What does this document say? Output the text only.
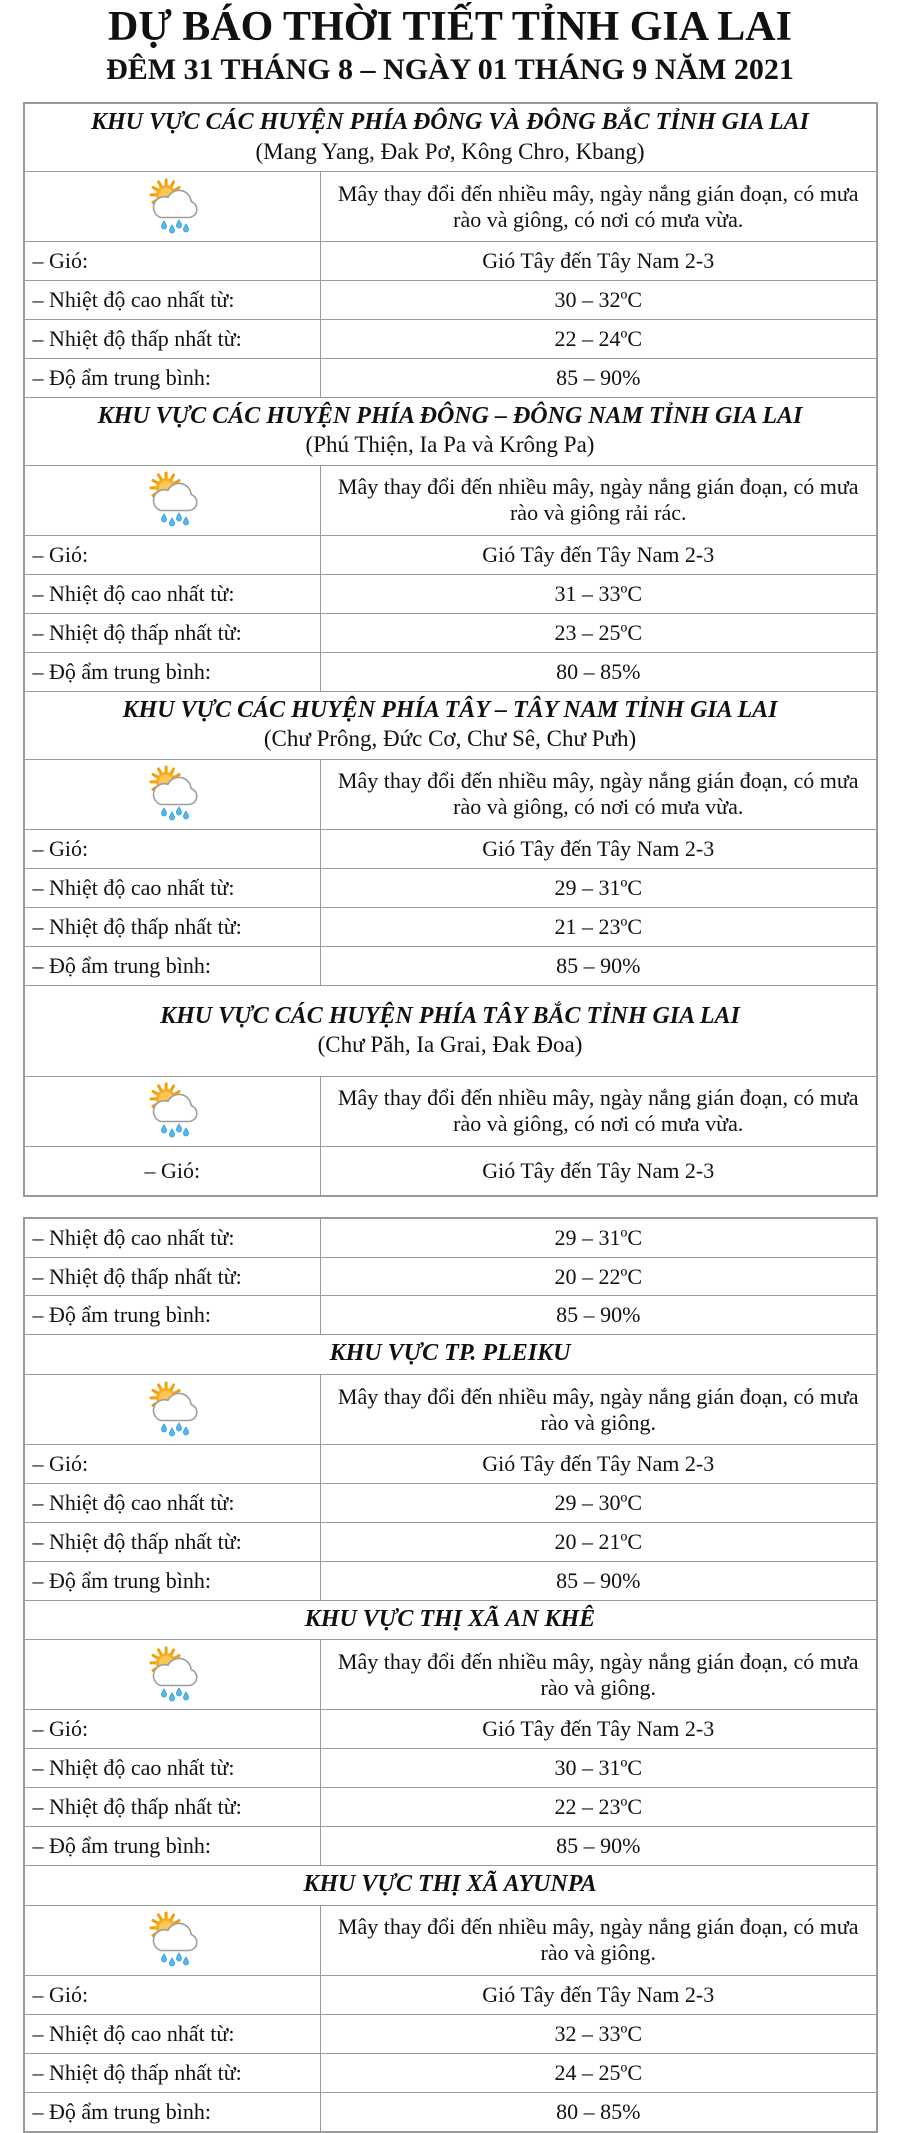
DỰ BÁO THỜI TIẾT TỈNH GIA LAI
ĐÊM 31 THÁNG 8 – NGÀY 01 THÁNG 9 NĂM 2021
KHU VỰC CÁC HUYỆN PHÍA ĐÔNG VÀ ĐÔNG BẮC TỈNH GIA LAI
(Mang Yang, Đak Pơ, Kông Chro, Kbang)	

	Mây thay đổi đến nhiều mây, ngày nắng gián đoạn, có mưa rào và giông, có nơi có mưa vừa.
– Gió:	Gió Tây đến Tây Nam 2-3
– Nhiệt độ cao nhất từ:	30 – 32ºC
– Nhiệt độ thấp nhất từ:	22 – 24ºC
– Độ ẩm trung bình:	85 – 90%

KHU VỰC CÁC HUYỆN PHÍA ĐÔNG – ĐÔNG NAM TỈNH GIA LAI
(Phú Thiện, Ia Pa và Krông Pa)	

	Mây thay đổi đến nhiều mây, ngày nắng gián đoạn, có mưa rào và giông rải rác.
– Gió:	Gió Tây đến Tây Nam 2-3
– Nhiệt độ cao nhất từ:	31 – 33ºC
– Nhiệt độ thấp nhất từ:	23 – 25ºC
– Độ ẩm trung bình:	80 – 85%

KHU VỰC CÁC HUYỆN PHÍA TÂY – TÂY NAM TỈNH GIA LAI
(Chư Prông, Đức Cơ, Chư Sê, Chư Pưh)	

	Mây thay đổi đến nhiều mây, ngày nắng gián đoạn, có mưa rào và giông, có nơi có mưa vừa.
– Gió:	Gió Tây đến Tây Nam 2-3
– Nhiệt độ cao nhất từ:	29 – 31ºC
– Nhiệt độ thấp nhất từ:	21 – 23ºC
– Độ ẩm trung bình:	85 – 90%

KHU VỰC CÁC HUYỆN PHÍA TÂY BẮC TỈNH GIA LAI
(Chư Păh, Ia Grai, Đak Đoa)	

	Mây thay đổi đến nhiều mây, ngày nắng gián đoạn, có mưa rào và giông, có nơi có mưa vừa.
– Gió:	Gió Tây đến Tây Nam 2-3
– Nhiệt độ cao nhất từ:	29 – 31ºC
– Nhiệt độ thấp nhất từ:	20 – 22ºC
– Độ ẩm trung bình:	85 – 90%

KHU VỰC TP. PLEIKU	

	Mây thay đổi đến nhiều mây, ngày nắng gián đoạn, có mưa rào và giông.
– Gió:	Gió Tây đến Tây Nam 2-3
– Nhiệt độ cao nhất từ:	29 – 30ºC
– Nhiệt độ thấp nhất từ:	20 – 21ºC
– Độ ẩm trung bình:	85 – 90%

KHU VỰC THỊ XÃ AN KHÊ	

	Mây thay đổi đến nhiều mây, ngày nắng gián đoạn, có mưa rào và giông.
– Gió:	Gió Tây đến Tây Nam 2-3
– Nhiệt độ cao nhất từ:	30 – 31ºC
– Nhiệt độ thấp nhất từ:	22 – 23ºC
– Độ ẩm trung bình:	85 – 90%

KHU VỰC THỊ XÃ AYUNPA	

	Mây thay đổi đến nhiều mây, ngày nắng gián đoạn, có mưa rào và giông.
– Gió:	Gió Tây đến Tây Nam 2-3
– Nhiệt độ cao nhất từ:	32 – 33ºC
– Nhiệt độ thấp nhất từ:	24 – 25ºC
– Độ ẩm trung bình:	80 – 85%
